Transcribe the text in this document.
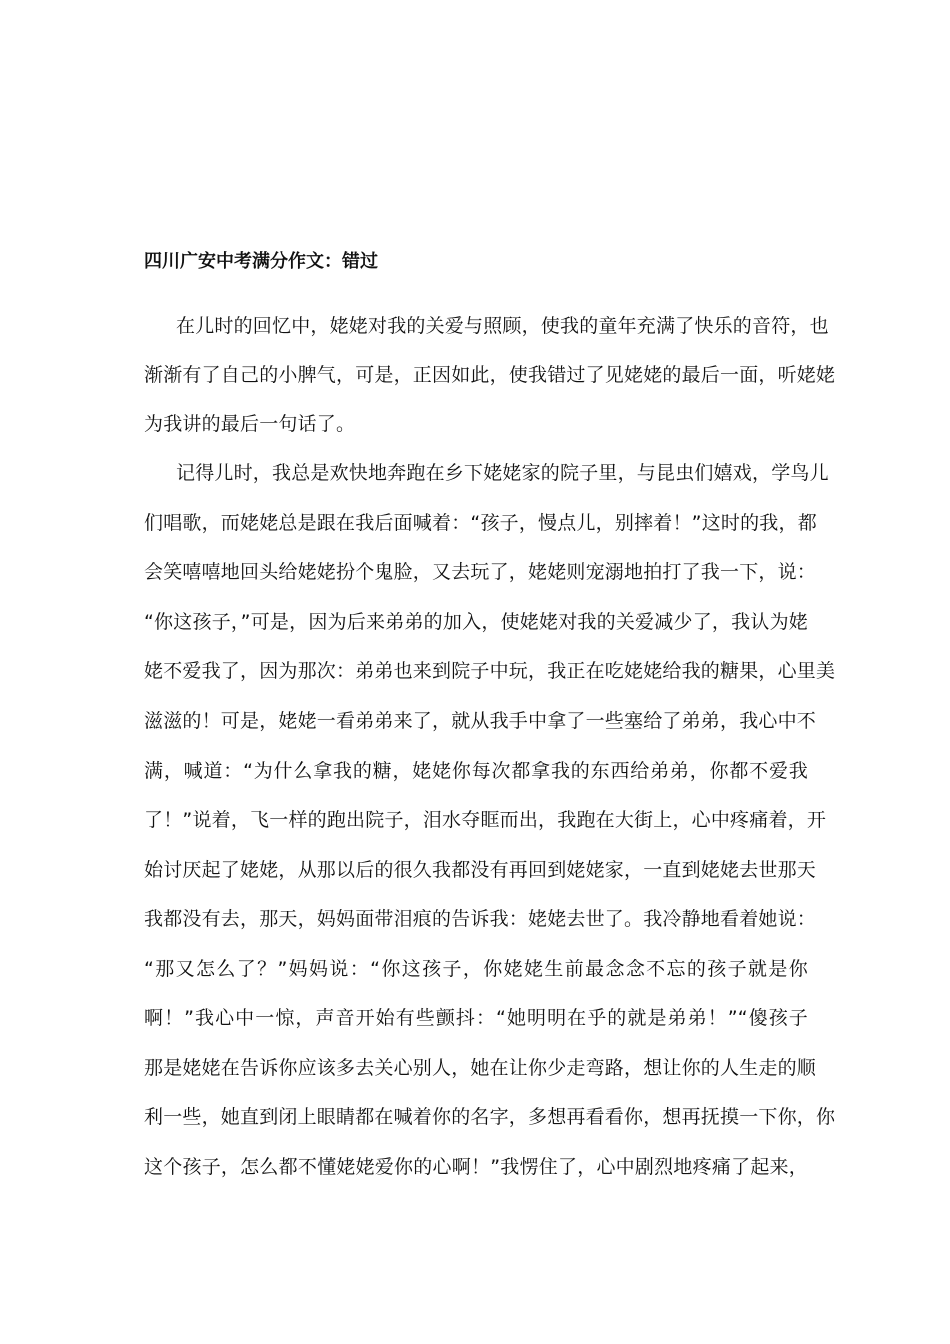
四川广安中考满分作文：错过
在儿时的回忆中，姥姥对我的关爱与照顾，使我的童年充满了快乐的音符，也
渐渐有了自己的小脾气，可是，正因如此，使我错过了见姥姥的最后一面，听姥姥
为我讲的最后一句话了。
记得儿时，我总是欢快地奔跑在乡下姥姥家的院子里，与昆虫们嬉戏，学鸟儿
们唱歌，而姥姥总是跟在我后面喊着：“孩子，慢点儿，别摔着！”这时的我，都
会笑嘻嘻地回头给姥姥扮个鬼脸，又去玩了，姥姥则宠溺地拍打了我一下，说：
“你这孩子，”可是，因为后来弟弟的加入，使姥姥对我的关爱减少了，我认为姥
姥不爱我了，因为那次：弟弟也来到院子中玩，我正在吃姥姥给我的糖果，心里美
滋滋的！可是，姥姥一看弟弟来了，就从我手中拿了一些塞给了弟弟，我心中不
满，喊道：“为什么拿我的糖，姥姥你每次都拿我的东西给弟弟，你都不爱我
了！”说着，飞一样的跑出院子，泪水夺眶而出，我跑在大街上，心中疼痛着，开
始讨厌起了姥姥，从那以后的很久我都没有再回到姥姥家，一直到姥姥去世那天
我都没有去，那天，妈妈面带泪痕的告诉我：姥姥去世了。我冷静地看着她说：
“那又怎么了？”妈妈说：“你这孩子，你姥姥生前最念念不忘的孩子就是你
啊！”我心中一惊，声音开始有些颤抖：“她明明在乎的就是弟弟！”“傻孩子
那是姥姥在告诉你应该多去关心别人，她在让你少走弯路，想让你的人生走的顺
利一些，她直到闭上眼睛都在喊着你的名字，多想再看看你，想再抚摸一下你，你
这个孩子，怎么都不懂姥姥爱你的心啊！”我愣住了，心中剧烈地疼痛了起来，
